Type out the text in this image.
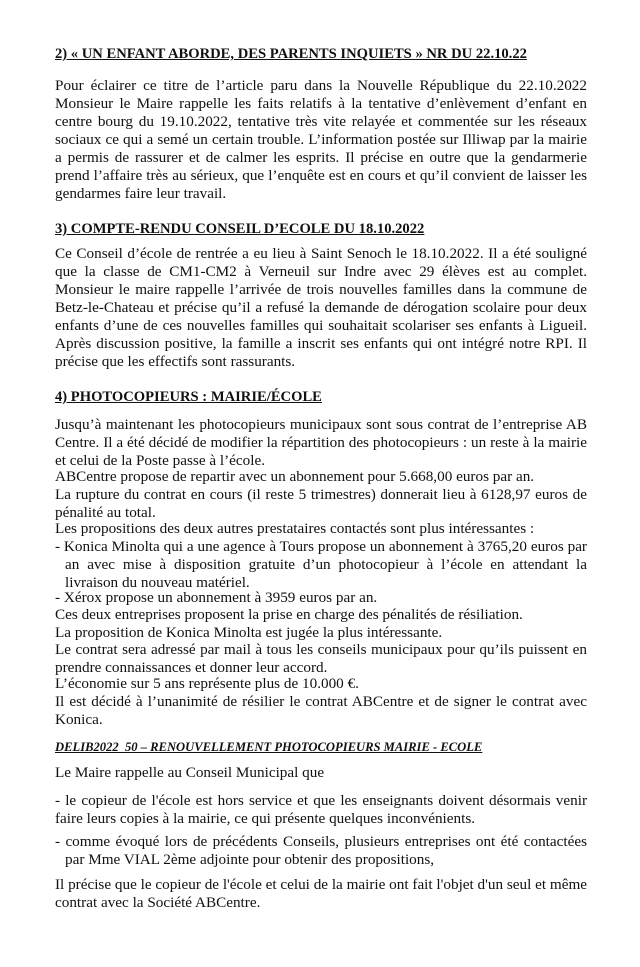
2) « UN ENFANT ABORDE, DES PARENTS INQUIETS » NR DU 22.10.22

Pour éclairer ce titre de l’article paru dans la Nouvelle République du 22.10.2022 Monsieur le Maire rappelle les faits relatifs à la tentative d’enlèvement d’enfant en centre bourg du 19.10.2022, tentative très vite relayée et commentée sur les réseaux sociaux ce qui a semé un certain trouble. L’information postée sur Illiwap par la mairie a permis de rassurer et de calmer les esprits. Il précise en outre que la gendarmerie prend l’affaire très au sérieux, que l’enquête est en cours et qu’il convient de laisser les gendarmes faire leur travail.

3) COMPTE-RENDU CONSEIL D’ECOLE DU 18.10.2022

Ce Conseil d’école de rentrée a eu lieu à Saint Senoch le 18.10.2022. Il a été souligné que la classe de CM1-CM2 à Verneuil sur Indre avec 29 élèves est au complet. Monsieur le maire rappelle l’arrivée de trois nouvelles familles dans la commune de Betz-le-Chateau et précise qu’il a refusé la demande de dérogation scolaire pour deux enfants d’une de ces nouvelles familles qui souhaitait scolariser ses enfants à Ligueil. Après discussion positive, la famille a inscrit ses enfants qui ont intégré notre RPI. Il précise que les effectifs sont rassurants.

4) PHOTOCOPIEURS : MAIRIE/ÉCOLE

Jusqu’à maintenant les photocopieurs municipaux sont sous contrat de l’entreprise AB Centre. Il a été décidé de modifier la répartition des photocopieurs : un reste à la mairie et celui de la Poste passe à l’école.

ABCentre propose de repartir avec un abonnement pour 5.668,00 euros par an.

La rupture du contrat en cours (il reste 5 trimestres) donnerait lieu à 6128,97 euros de pénalité au total.

Les propositions des deux autres prestataires contactés sont plus intéressantes :

- Konica Minolta qui a une agence à Tours propose un abonnement à 3765,20 euros par an avec mise à disposition gratuite d’un photocopieur à l’école en attendant la livraison du nouveau matériel.

- Xérox propose un abonnement à 3959 euros par an.

Ces deux entreprises proposent la prise en charge des pénalités de résiliation.

La proposition de Konica Minolta est jugée la plus intéressante.

Le contrat sera adressé par mail à tous les conseils municipaux pour qu’ils puissent en prendre connaissances et donner leur accord.

L’économie sur 5 ans représente plus de 10.000 €.

Il est décidé à l’unanimité de résilier le contrat ABCentre et de signer le contrat avec Konica.

DELIB2022_50 – RENOUVELLEMENT PHOTOCOPIEURS MAIRIE - ECOLE

Le Maire rappelle au Conseil Municipal que

- le copieur de l'école est hors service et que les enseignants doivent désormais venir faire leurs copies à la mairie, ce qui présente quelques inconvénients.

- comme évoqué lors de précédents Conseils, plusieurs entreprises ont été contactées par Mme VIAL 2ème adjointe pour obtenir des propositions,

Il précise que le copieur de l'école et celui de la mairie ont fait l'objet d'un seul et même contrat avec la Société ABCentre.
